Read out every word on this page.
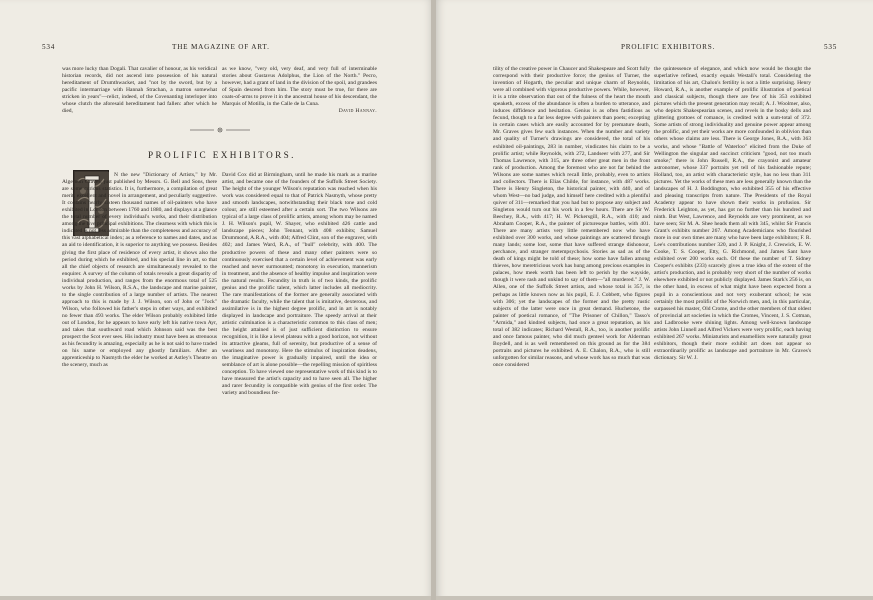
534	THE MAGAZINE OF ART.

was more lucky than Dogali. That cavalier of honour, as his veridical historian records, did not ascend into possession of his natural hereditament of Drumthwacket, and "not by the sword, but by a pacific intermarriage with Hannah Strachan, a matron somewhat stricken in years"—relict, indeed, of the Covenanting interloper into whose clutch the aforesaid hereditament had fallen: after which he died,

as we know, "very old, very deaf, and very full of interminable stories about Gustavus Adolphus, the Lion of the North." Pecro, however, had a grant of land in the division of the spoil, and grandees of Spain descend from him. The story must be true, for there are coats-of-arms to prove it in the ancestral house of his descendant, the Marquis of Motilla, in the Calle de la Cuna.

David Hannay.

PROLIFIC EXHIBITORS.

N the new "Dictionary of Artists," by Mr. Algernon Graves, just published by Messrs. G. Bell and Sons, there are some curious statistics. It is, furthermore, a compilation of great merit, excellent and novel in arrangement, and peculiarly suggestive. It contains nearly sixteen thousand names of oil-painters who have exhibited in London between 1760 and 1880, and displays at a glance the total number of every individual's works, and their distribution among the five principal exhibitions. The clearness with which this is indicated is not less admirable than the completeness and accuracy of this vast alphabetical index; as a reference to names and dates, and as an aid to identification, it is superior to anything we possess. Besides giving the first place of residence of every artist, it shows also the period during which he exhibited, and his special line in art, so that all the chief objects of research are simultaneously revealed to the enquirer. A survey of the column of totals reveals a great disparity of individual production, and ranges from the enormous total of 525 works by John H. Wilson, R.S.A., the landscape and marine painter, to the single contribution of a large number of artists. The nearest approach to this is made by J. J. Wilson, son of John or "Jock" Wilson, who followed his father's steps in other ways, and exhibited no fewer than 493 works. The elder Wilson probably exhibited little out of London, for he appears to have early left his native town Ayr, and takes that southward road which Johnson said was the best prospect the Scot ever sees. His industry must have been as strenuous as his fecundity is amazing, especially as he is not said to have traded on his name or employed any ghostly familiars. After an apprenticeship to Nasmyth the elder he worked at Astley's Theatre on the scenery, much as

David Cox did at Birmingham, until he made his mark as a marine artist, and became one of the founders of the Suffolk Street Society. The height of the younger Wilson's reputation was reached when his work was considered equal to that of Patrick Nasmyth, whose pretty and smooth landscapes, notwithstanding their black tone and cold colour, are still esteemed after a certain sort. The two Wilsons are typical of a large class of prolific artists, among whom may be named J. H. Wilson's pupil, W. Shayer, who exhibited 426 cattle and landscape pieces; John Tennant, with 408 exhibits; Samuel Drummond, A.R.A., with 404; Alfred Clint, son of the engraver, with 402; and James Ward, R.A., of "bull" celebrity, with 400. The productive powers of these and many other painters were so continuously exercised that a certain level of achievement was early reached and never surmounted; monotony in execution, mannerism in treatment, and the absence of healthy impulse and inspiration were the natural results. Fecundity in truth is of two kinds, the prolific genius and the prolific talent, which latter includes all mediocrity. The rare manifestations of the former are generally associated with the dramatic faculty, while the talent that is imitative, dexterous, and assimilative is in the highest degree prolific, and in art is notably displayed in landscape and portraiture. The speedy arrival at their artistic culmination is a characteristic common to this class of men; the height attained is of just sufficient distinction to ensure recognition, it is like a level plateau with a good horizon, not without its attractive gleams, full of serenity, but productive of a sense of weariness and monotony. Here the stimulus of inspiration deadens, the imaginative power is gradually impaired, until the idea or semblance of art is alone possible—the repelling mission of spiritless conception. To have viewed one representative work of this kind is to have measured the artist's capacity and to have seen all. The higher and rarer fecundity is compatible with genius of the first order. The variety and boundless fer-

PROLIFIC EXHIBITORS.	535

tility of the creative power in Chaucer and Shakespeare and Scott fully correspond with their productive force; the genius of Turner, the invention of Hogarth, the peculiar and unique charm of Reynolds, were all combined with vigorous productive powers. While, however, it is a trite observation that out of the fulness of the heart the mouth speaketh, excess of the abundance is often a burden to utterance, and induces diffidence and hesitation. Genius is as often fastidious as fecund, though to a far less degree with painters than poets; excepting in certain cases which are easily accounted for by premature death, Mr. Graves gives few such instances. When the number and variety and quality of Turner's drawings are considered, the total of his exhibited oil-paintings, 283 in number, vindicates his claim to be a prolific artist; while Reynolds, with 272, Landseer with 277, and Sir Thomas Lawrence, with 315, are three other great men in the front rank of production. Among the foremost who are not far behind the Wilsons are some names which recall little, probably, even to artists and collectors. There is Elias Childe, for instance, with 487 works. There is Henry Singleton, the historical painter, with 440, and of whom West—no bad judge, and himself here credited with a plentiful quiver of 311—remarked that you had but to propose any subject and Singleton would turn out his work in a few hours. There are Sir W. Beechey, R.A., with 417; H. W. Pickersgill, R.A., with 410; and Abraham Cooper, R.A., the painter of picturesque battles, with 401. There are many artists very little remembered now who have exhibited over 300 works, and whose paintings are scattered through many lands; some lost, some that have suffered strange dishonour, perchance, and stranger metempsychosis. Stories as sad as of the death of kings might be told of these; how some have fallen among thieves, how meretricious work has hung among precious examples in palaces, how meek worth has been left to perish by the wayside, though it were rash and unkind to say of them—"all murdered." J. W. Allen, one of the Suffolk Street artists, and whose total is 357, is perhaps as little known now as his pupil, E. J. Cobbett, who figures with 306; yet the landscapes of the former and the pretty rustic subjects of the latter were once in great demand. Huchetone, the painter of poetical romance, of "The Prisoner of Chillon," Tasso's "Armida," and kindred subjects, had once a great reputation, as his total of 382 indicates; Richard Westall, R.A., too, is another prolific and once famous painter, who did much genteel work for Alderman Boydell, and is as well remembered on this ground as for the 384 portraits and pictures he exhibited. A. E. Chalon, R.A., who is still unforgotten for similar reasons, and whose work has so much that was once considered

the quintessence of elegance, and which now would be thought the superlative refined, exactly equals Westall's total. Considering the limitation of his art, Chalon's fertility is not a little surprising. Henry Howard, R.A., is another example of prolific illustration of poetical and classical subjects, though there are few of his 353 exhibited pictures which the present generation may recall; A. J. Woolmer, also, who depicts Shakespearian scenes, and revels in the bosky dells and glittering grottoes of romance, is credited with a sum-total of 372. Some artists of strong individuality and genuine power appear among the prolific, and yet their works are more confounded in oblivion than others whose claims are less. There is George Jones, R.A., with 363 works, and whose "Battle of Waterloo" elicited from the Duke of Wellington the singular and succinct criticism "good, not too much smoke;" there is John Russell, R.A., the crayonist and amateur astronomer, whose 337 portraits yet tell of his fashionable repute; Holland, too, an artist with characteristic style, has no less than 311 pictures. Yet the works of these men are less generally known than the landscapes of H. J. Boddington, who exhibited 355 of his effective and pleasing transcripts from nature. The Presidents of the Royal Academy appear to have shown their works in profusion. Sir Frederick Leighton, as yet, has got no further than his hundred and ninth. But West, Lawrence, and Reynolds are very prominent, as we have seen; Sir M. A. Shee heads them all with 345, whilst Sir Francis Grant's exhibits number 267. Among Academicians who flourished more in our own times are many who have been large exhibitors; F. R. Lee's contributions number 320, and J. P. Knight, J. Creswick, E. W. Cooke, T. S. Cooper, Etty, G. Richmond, and James Sant have exhibited over 200 works each. Of these the number of T. Sidney Cooper's exhibits (233) scarcely gives a true idea of the extent of the artist's production, and is probably very short of the number of works elsewhere exhibited or not publicly displayed. James Stark's 256 is, on the other hand, in excess of what might have been expected from a pupil in a conscientious and not very exuberant school; he was certainly the most prolific of the Norwich men, and, in this particular, surpassed his master, Old Crome, and the other members of that oldest of provincial art societies in which the Cromes, Vincent, J. S. Cotman, and Ladbrooke were shining lights. Among well-known landscape artists John Linnell and Alfred Vickers were very prolific, each having exhibited 267 works. Miniaturists and enamellists were naturally great exhibitors, though their more exhibit art does not appear so extraordinarily prolific as landscape and portraiture in Mr. Graves's dictionary. Sir W. J.
